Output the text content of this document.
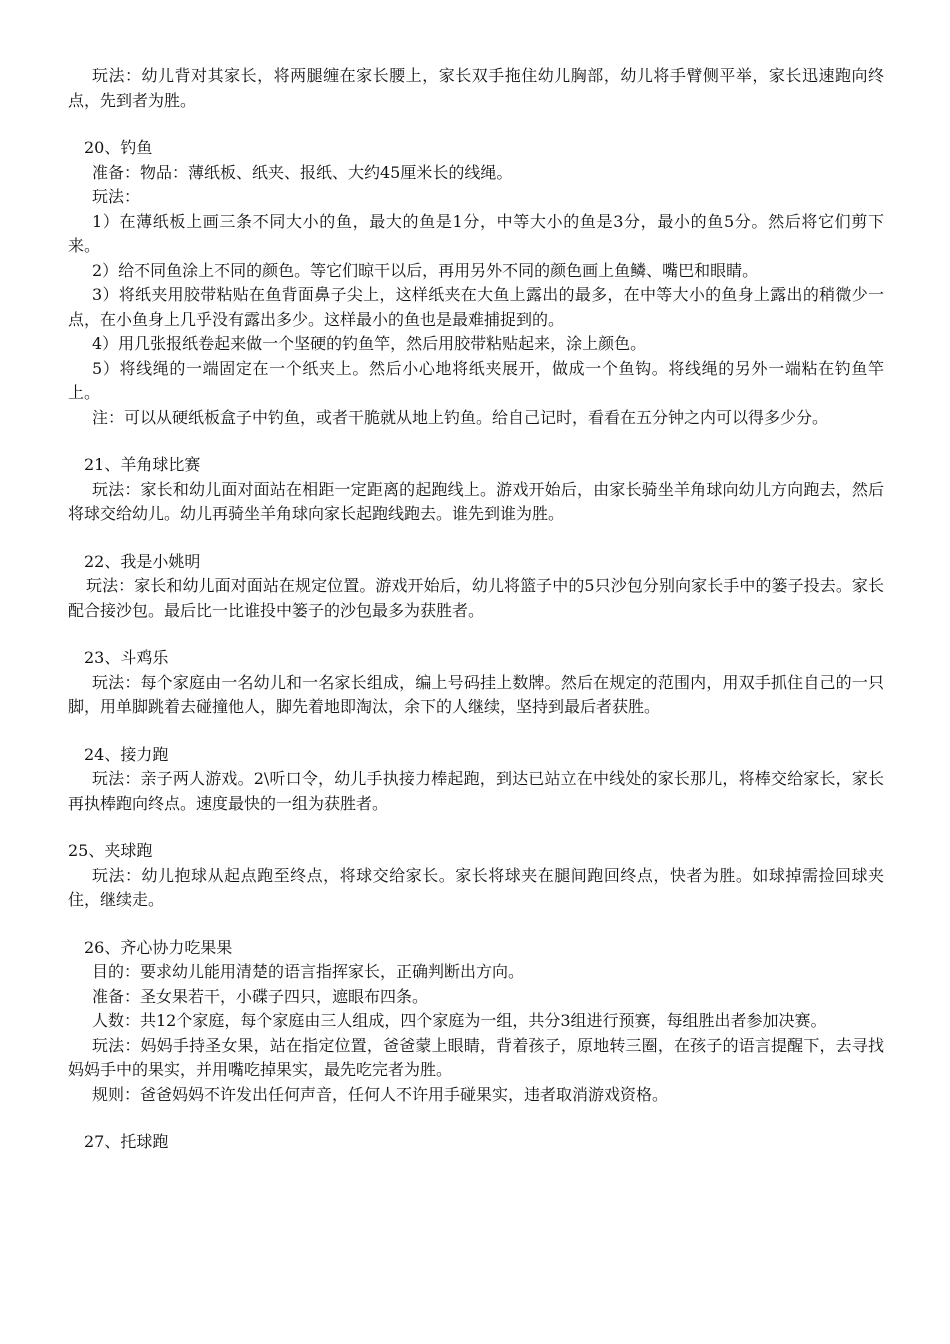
玩法：幼儿背对其家长，将两腿缠在家长腰上，家长双手拖住幼儿胸部，幼儿将手臂侧平举，家长迅速跑向终点，先到者为胜。

20、钓鱼

准备：物品：薄纸板、纸夹、报纸、大约45厘米长的线绳。

玩法：

1）在薄纸板上画三条不同大小的鱼，最大的鱼是1分，中等大小的鱼是3分，最小的鱼5分。然后将它们剪下来。

2）给不同鱼涂上不同的颜色。等它们晾干以后，再用另外不同的颜色画上鱼鳞、嘴巴和眼睛。

3）将纸夹用胶带粘贴在鱼背面鼻子尖上，这样纸夹在大鱼上露出的最多，在中等大小的鱼身上露出的稍微少一点，在小鱼身上几乎没有露出多少。这样最小的鱼也是最难捕捉到的。

4）用几张报纸卷起来做一个坚硬的钓鱼竿，然后用胶带粘贴起来，涂上颜色。

5）将线绳的一端固定在一个纸夹上。然后小心地将纸夹展开，做成一个鱼钩。将线绳的另外一端粘在钓鱼竿上。

注：可以从硬纸板盒子中钓鱼，或者干脆就从地上钓鱼。给自己记时，看看在五分钟之内可以得多少分。

21、羊角球比赛

玩法：家长和幼儿面对面站在相距一定距离的起跑线上。游戏开始后，由家长骑坐羊角球向幼儿方向跑去，然后将球交给幼儿。幼儿再骑坐羊角球向家长起跑线跑去。谁先到谁为胜。

22、我是小姚明

玩法：家长和幼儿面对面站在规定位置。游戏开始后，幼儿将篮子中的5只沙包分别向家长手中的篓子投去。家长配合接沙包。最后比一比谁投中篓子的沙包最多为获胜者。

23、斗鸡乐

玩法：每个家庭由一名幼儿和一名家长组成，编上号码挂上数牌。然后在规定的范围内，用双手抓住自己的一只脚，用单脚跳着去碰撞他人，脚先着地即淘汰，余下的人继续，坚持到最后者获胜。

24、接力跑

玩法：亲子两人游戏。2\听口令，幼儿手执接力棒起跑，到达已站立在中线处的家长那儿，将棒交给家长，家长再执棒跑向终点。速度最快的一组为获胜者。

25、夹球跑

玩法：幼儿抱球从起点跑至终点，将球交给家长。家长将球夹在腿间跑回终点，快者为胜。如球掉需捡回球夹住，继续走。

26、齐心协力吃果果

目的：要求幼儿能用清楚的语言指挥家长，正确判断出方向。

准备：圣女果若干，小碟子四只，遮眼布四条。

人数：共12个家庭，每个家庭由三人组成，四个家庭为一组，共分3组进行预赛，每组胜出者参加决赛。

玩法：妈妈手持圣女果，站在指定位置，爸爸蒙上眼睛，背着孩子，原地转三圈，在孩子的语言提醒下，去寻找妈妈手中的果实，并用嘴吃掉果实，最先吃完者为胜。

规则：爸爸妈妈不许发出任何声音，任何人不许用手碰果实，违者取消游戏资格。

27、托球跑
